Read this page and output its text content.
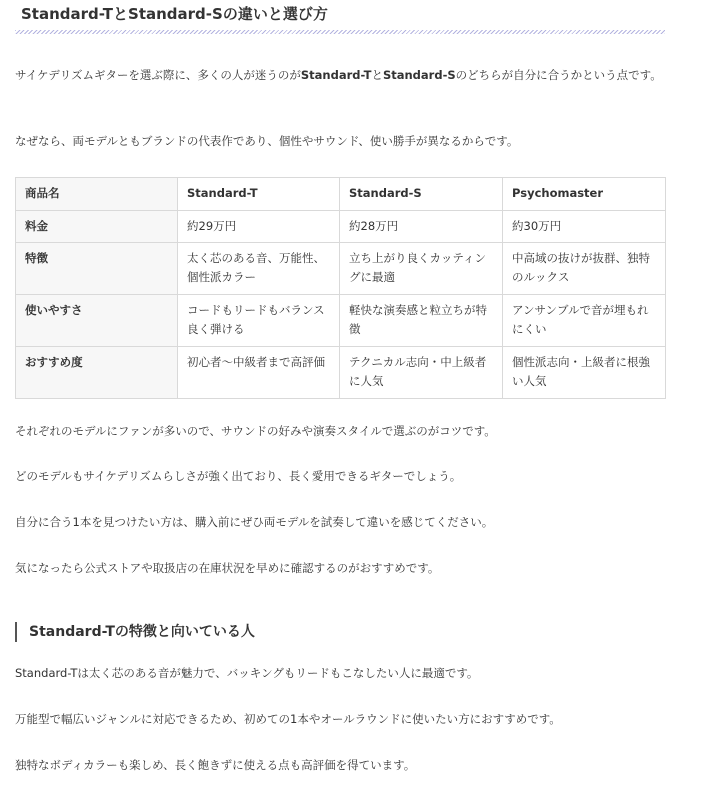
Standard-TとStandard-Sの違いと選び方

サイケデリズムギターを選ぶ際に、多くの人が迷うのがStandard-TとStandard-Sのどちらが自分に合うかという点です。

なぜなら、両モデルともブランドの代表作であり、個性やサウンド、使い勝手が異なるからです。

商品名	Standard-T	Standard-S	Psychomaster
料金	約29万円	約28万円	約30万円
特徴	太く芯のある音、万能性、個性派カラー	立ち上がり良くカッティングに最適	中高域の抜けが抜群、独特のルックス
使いやすさ	コードもリードもバランス良く弾ける	軽快な演奏感と粒立ちが特徴	アンサンブルで音が埋もれにくい
おすすめ度	初心者〜中級者まで高評価	テクニカル志向・中上級者に人気	個性派志向・上級者に根強い人気

それぞれのモデルにファンが多いので、サウンドの好みや演奏スタイルで選ぶのがコツです。

どのモデルもサイケデリズムらしさが強く出ており、長く愛用できるギターでしょう。

自分に合う1本を見つけたい方は、購入前にぜひ両モデルを試奏して違いを感じてください。

気になったら公式ストアや取扱店の在庫状況を早めに確認するのがおすすめです。

Standard-Tの特徴と向いている人

Standard-Tは太く芯のある音が魅力で、バッキングもリードもこなしたい人に最適です。

万能型で幅広いジャンルに対応できるため、初めての1本やオールラウンドに使いたい方におすすめです。

独特なボディカラーも楽しめ、長く飽きずに使える点も高評価を得ています。
